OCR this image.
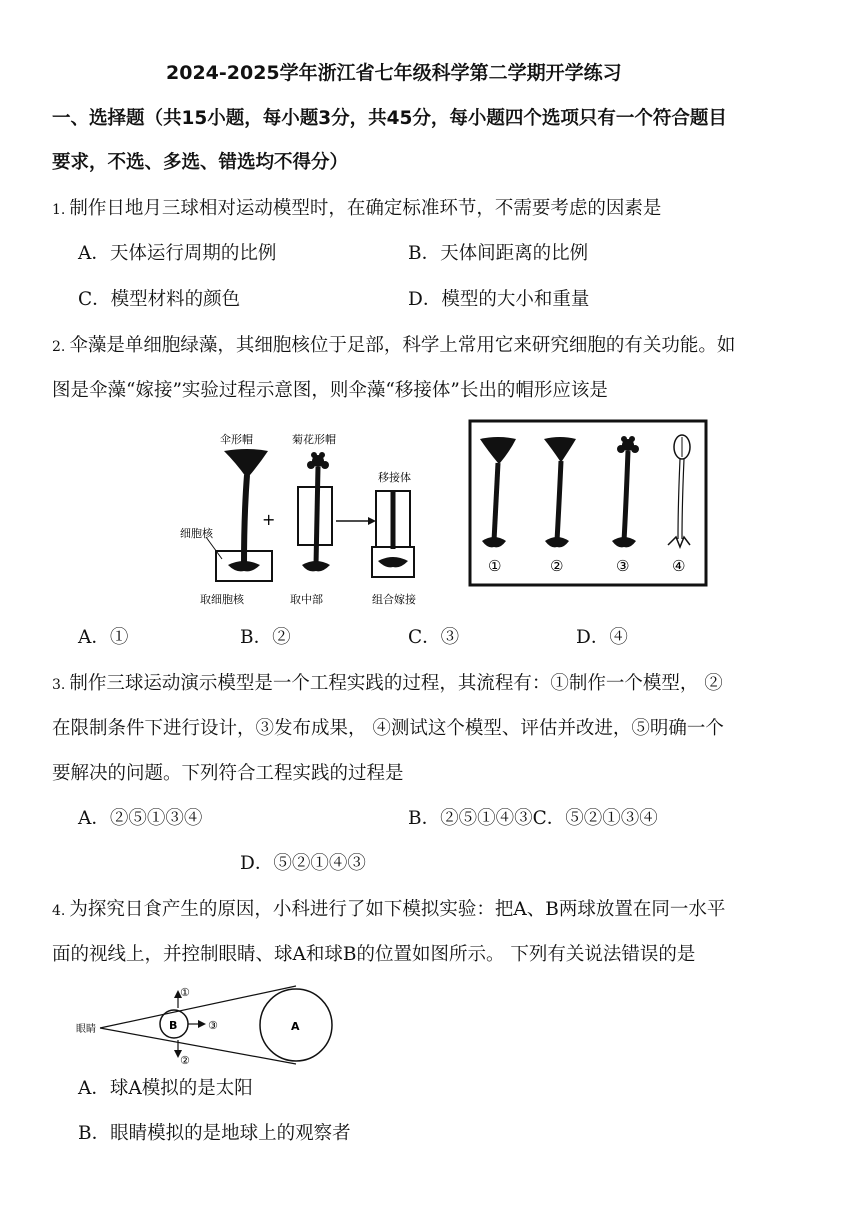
2024-2025学年浙江省七年级科学第二学期开学练习
一、选择题（共15小题，每小题3分，共45分，每小题四个选项只有一个符合题目
要求，不选、多选、错选均不得分）
1. 制作日地月三球相对运动模型时，在确定标准环节，不需要考虑的因素是
A．天体运行周期的比例	B．天体间距离的比例
C．模型材料的颜色	D．模型的大小和重量
2. 伞藻是单细胞绿藻，其细胞核位于足部，科学上常用它来研究细胞的有关功能。如
图是伞藻“嫁接”实验过程示意图，则伞藻“移接体”长出的帽形应该是
伞形帽
细胞核
+
取细胞核
菊花形帽
取中部
移接体
组合嫁接
①	②	③	④
A．①	B．②	C．③	D．④
3. 制作三球运动演示模型是一个工程实践的过程，其流程有：①制作一个模型， ②
在限制条件下进行设计，③发布成果， ④测试这个模型、评估并改进，⑤明确一个
要解决的问题。下列符合工程实践的过程是
A．②⑤①③④	B．②⑤①④③C．⑤②①③④
D．⑤②①④③
4. 为探究日食产生的原因，小科进行了如下模拟实验：把A、B两球放置在同一水平
面的视线上，并控制眼睛、球A和球B的位置如图所示。 下列有关说法错误的是
眼睛	B	A
①
②
③
A．球A模拟的是太阳
B．眼睛模拟的是地球上的观察者
